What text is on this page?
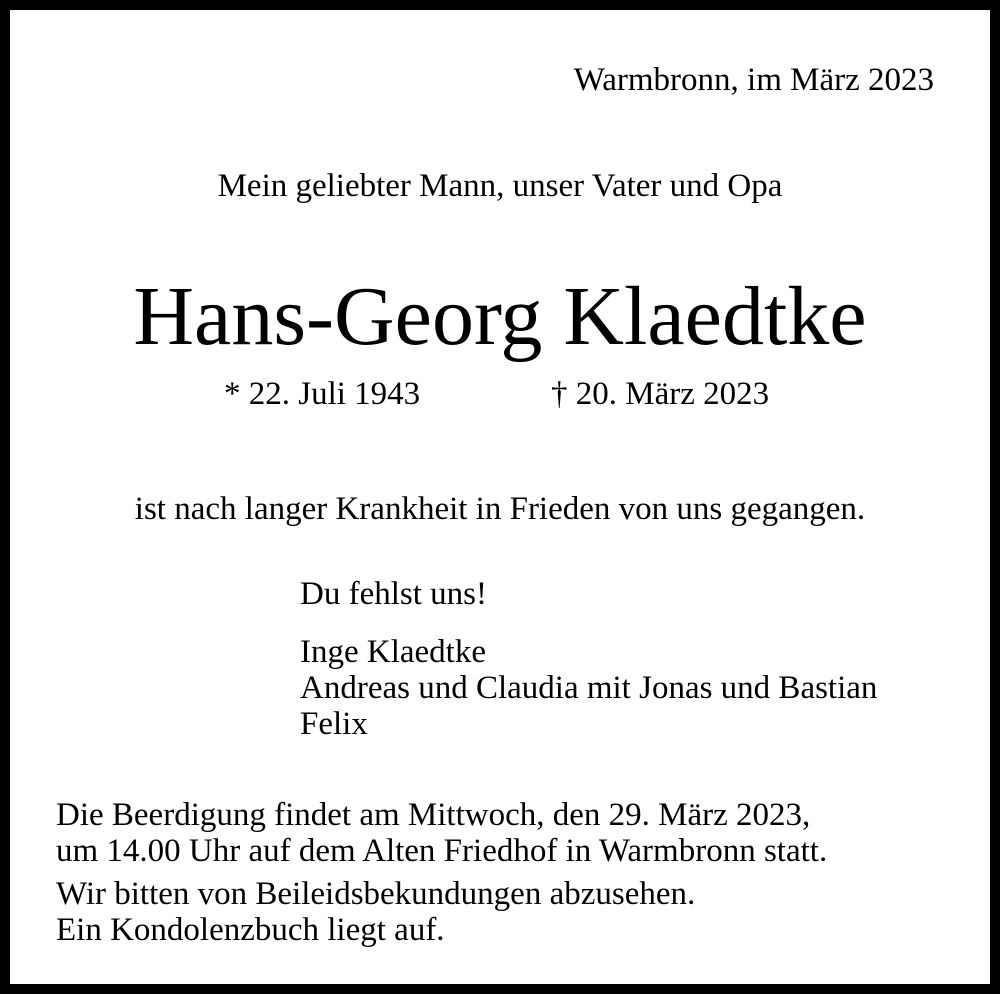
Warmbronn, im März 2023
Mein geliebter Mann, unser Vater und Opa
Hans-Georg Klaedtke
* 22. Juli 1943	† 20. März 2023
ist nach langer Krankheit in Frieden von uns gegangen.
Du fehlst uns!
Inge Klaedtke
Andreas und Claudia mit Jonas und Bastian
Felix
Die Beerdigung findet am Mittwoch, den 29. März 2023,
um 14.00 Uhr auf dem Alten Friedhof in Warmbronn statt.
Wir bitten von Beileidsbekundungen abzusehen.
Ein Kondolenzbuch liegt auf.
